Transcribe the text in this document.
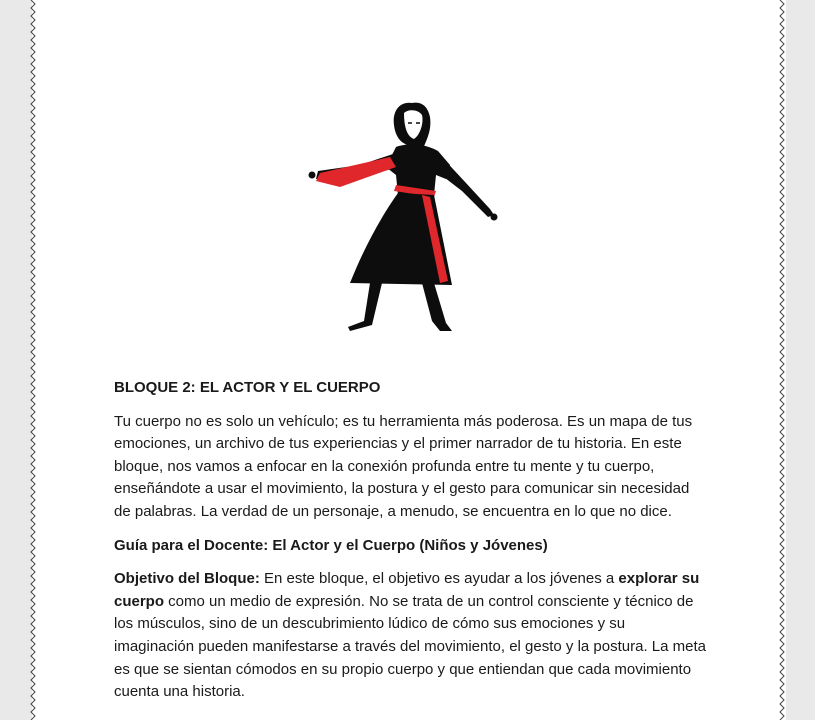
BLOQUE 2: EL ACTOR Y EL CUERPO

Tu cuerpo no es solo un vehículo; es tu herramienta más poderosa. Es un mapa de tus emociones, un archivo de tus experiencias y el primer narrador de tu historia. En este bloque, nos vamos a enfocar en la conexión profunda entre tu mente y tu cuerpo, enseñándote a usar el movimiento, la postura y el gesto para comunicar sin necesidad de palabras. La verdad de un personaje, a menudo, se encuentra en lo que no dice.

Guía para el Docente: El Actor y el Cuerpo (Niños y Jóvenes)

Objetivo del Bloque: En este bloque, el objetivo es ayudar a los jóvenes a explorar su cuerpo como un medio de expresión. No se trata de un control consciente y técnico de los músculos, sino de un descubrimiento lúdico de cómo sus emociones y su imaginación pueden manifestarse a través del movimiento, el gesto y la postura. La meta es que se sientan cómodos en su propio cuerpo y que entiendan que cada movimiento cuenta una historia.
